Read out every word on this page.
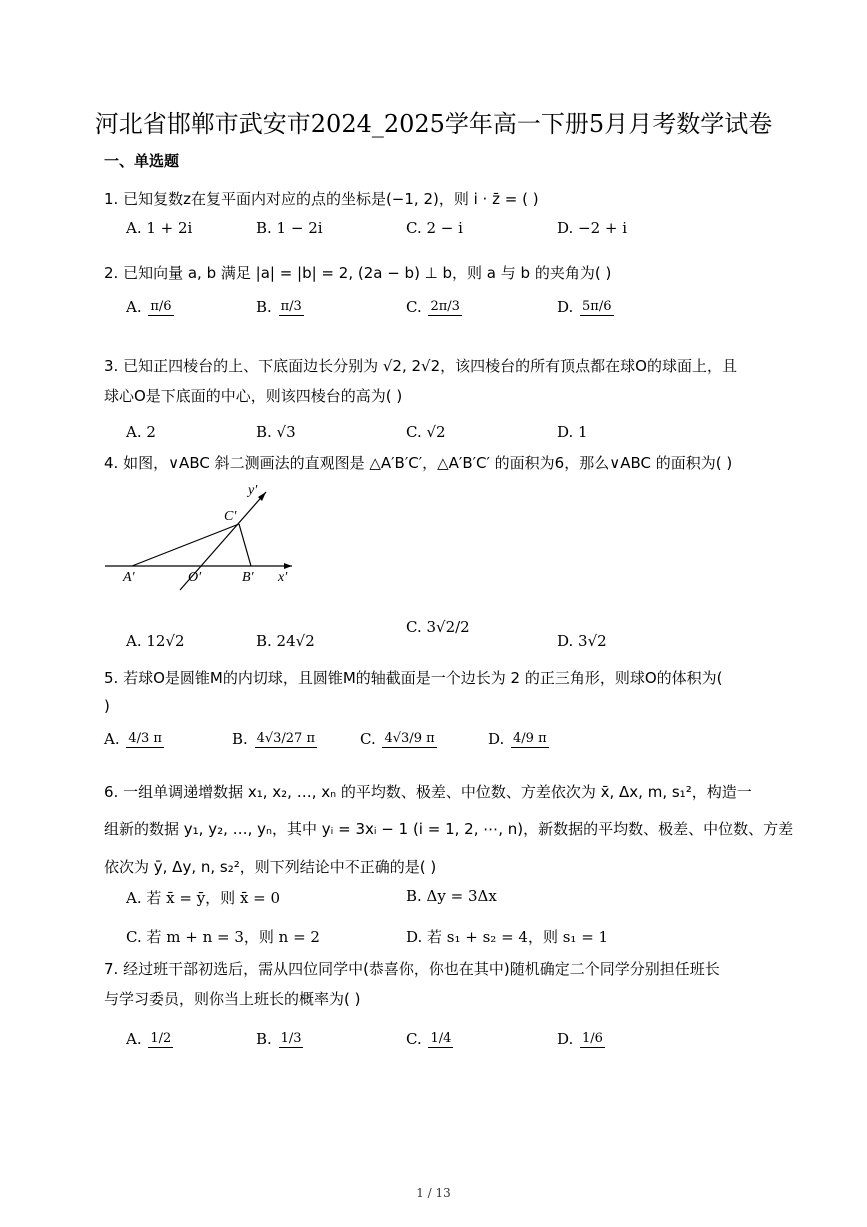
河北省邯郸市武安市2024_2025学年高一下册5月月考数学试卷
一、单选题
1. 已知复数z在复平面内对应的点的坐标是(−1, 2)，则 i · z̄ = ( )
A. 1 + 2i	B. 1 − 2i	C. 2 − i	D. −2 + i
2. 已知向量 a, b 满足 |a| = |b| = 2, (2a − b) ⊥ b，则 a 与 b 的夹角为( )
A. π/6	B. π/3	C. 2π/3	D. 5π/6
3. 已知正四棱台的上、下底面边长分别为 √2, 2√2，该四棱台的所有顶点都在球O的球面上，且
球心O是下底面的中心，则该四棱台的高为( )
A. 2	B. √3	C. √2	D. 1
4. 如图，∨ABC 斜二测画法的直观图是 △A′B′C′，△A′B′C′ 的面积为6，那么∨ABC 的面积为( )
y′
C′
A′	O′	B′ x′
A. 12√2	B. 24√2
C. 3√2/2
D. 3√2
5. 若球O是圆锥M的内切球，且圆锥M的轴截面是一个边长为 2 的正三角形，则球O的体积为(
)
A. 4/3 π	B. 4√3/27 π	C. 4√3/9 π	D. 4/9 π
6. 一组单调递增数据 x₁, x₂, …, xₙ 的平均数、极差、中位数、方差依次为 x̄, Δx, m, s₁²，构造一
组新的数据 y₁, y₂, …, yₙ，其中 yᵢ = 3xᵢ − 1 (i = 1, 2, ⋯, n)，新数据的平均数、极差、中位数、方差
依次为 ȳ, Δy, n, s₂²，则下列结论中不正确的是( )
A. 若 x̄ = ȳ，则 x̄ = 0	B. Δy = 3Δx
C. 若 m + n = 3，则 n = 2	D. 若 s₁ + s₂ = 4，则 s₁ = 1
7. 经过班干部初选后，需从四位同学中(恭喜你，你也在其中)随机确定二个同学分别担任班长
与学习委员，则你当上班长的概率为( )
A. 1/2	B. 1/3	C. 1/4	D. 1/6
1 / 13
